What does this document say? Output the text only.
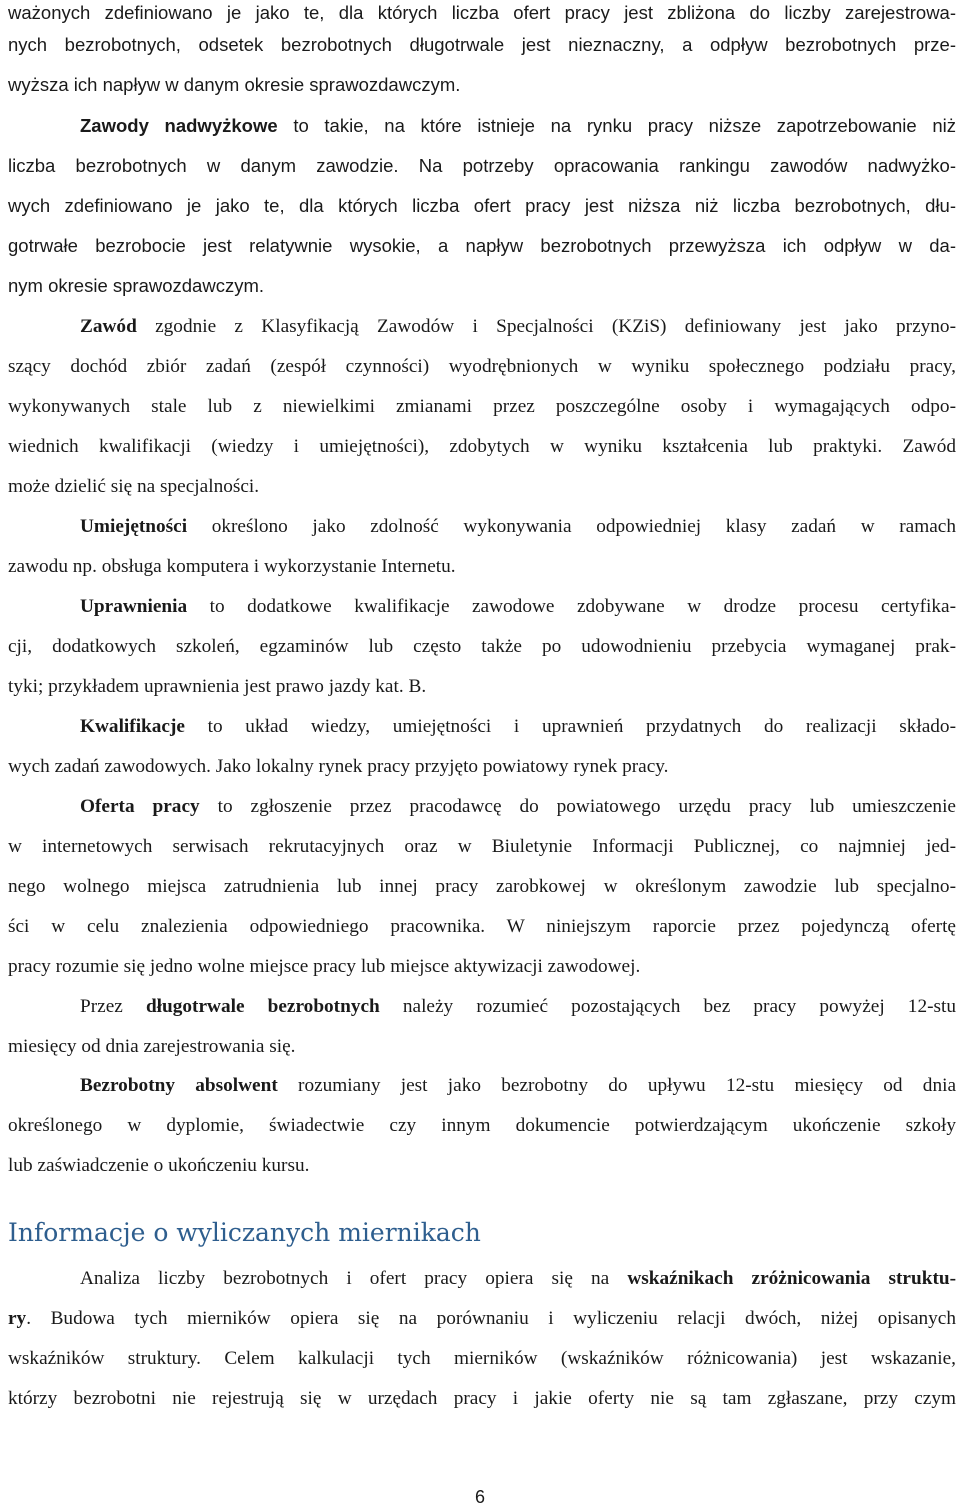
ważonych zdefiniowano je jako te, dla których liczba ofert pracy jest zbliżona do liczby zarejestrowa-
nych bezrobotnych, odsetek bezrobotnych długotrwale jest nieznaczny, a odpływ bezrobotnych prze-
wyższa ich napływ w danym okresie sprawozdawczym.
Zawody nadwyżkowe to takie, na które istnieje na rynku pracy niższe zapotrzebowanie niż
liczba bezrobotnych w danym zawodzie. Na potrzeby opracowania rankingu zawodów nadwyżko-
wych zdefiniowano je jako te, dla których liczba ofert pracy jest niższa niż liczba bezrobotnych, dłu-
gotrwałe bezrobocie jest relatywnie wysokie, a napływ bezrobotnych przewyższa ich odpływ w da-
nym okresie sprawozdawczym.
Zawód zgodnie z Klasyfikacją Zawodów i Specjalności (KZiS) definiowany jest jako przyno-
szący dochód zbiór zadań (zespół czynności) wyodrębnionych w wyniku społecznego podziału pracy,
wykonywanych stale lub z niewielkimi zmianami przez poszczególne osoby i wymagających odpo-
wiednich kwalifikacji (wiedzy i umiejętności), zdobytych w wyniku kształcenia lub praktyki. Zawód
może dzielić się na specjalności.
Umiejętności określono jako zdolność wykonywania odpowiedniej klasy zadań w ramach
zawodu np. obsługa komputera i wykorzystanie Internetu.
Uprawnienia to dodatkowe kwalifikacje zawodowe zdobywane w drodze procesu certyfika-
cji, dodatkowych szkoleń, egzaminów lub często także po udowodnieniu przebycia wymaganej prak-
tyki; przykładem uprawnienia jest prawo jazdy kat. B.
Kwalifikacje to układ wiedzy, umiejętności i uprawnień przydatnych do realizacji składo-
wych zadań zawodowych. Jako lokalny rynek pracy przyjęto powiatowy rynek pracy.
Oferta pracy to zgłoszenie przez pracodawcę do powiatowego urzędu pracy lub umieszczenie
w internetowych serwisach rekrutacyjnych oraz w Biuletynie Informacji Publicznej, co najmniej jed-
nego wolnego miejsca zatrudnienia lub innej pracy zarobkowej w określonym zawodzie lub specjalno-
ści w celu znalezienia odpowiedniego pracownika. W niniejszym raporcie przez pojedynczą ofertę
pracy rozumie się jedno wolne miejsce pracy lub miejsce aktywizacji zawodowej.
Przez długotrwale bezrobotnych należy rozumieć pozostających bez pracy powyżej 12-stu
miesięcy od dnia zarejestrowania się.
Bezrobotny absolwent rozumiany jest jako bezrobotny do upływu 12-stu miesięcy od dnia
określonego w dyplomie, świadectwie czy innym dokumencie potwierdzającym ukończenie szkoły
lub zaświadczenie o ukończeniu kursu.
Informacje o wyliczanych miernikach
Analiza liczby bezrobotnych i ofert pracy opiera się na wskaźnikach zróżnicowania struktu-
ry. Budowa tych mierników opiera się na porównaniu i wyliczeniu relacji dwóch, niżej opisanych
wskaźników struktury. Celem kalkulacji tych mierników (wskaźników różnicowania) jest wskazanie,
którzy bezrobotni nie rejestrują się w urzędach pracy i jakie oferty nie są tam zgłaszane, przy czym
6
